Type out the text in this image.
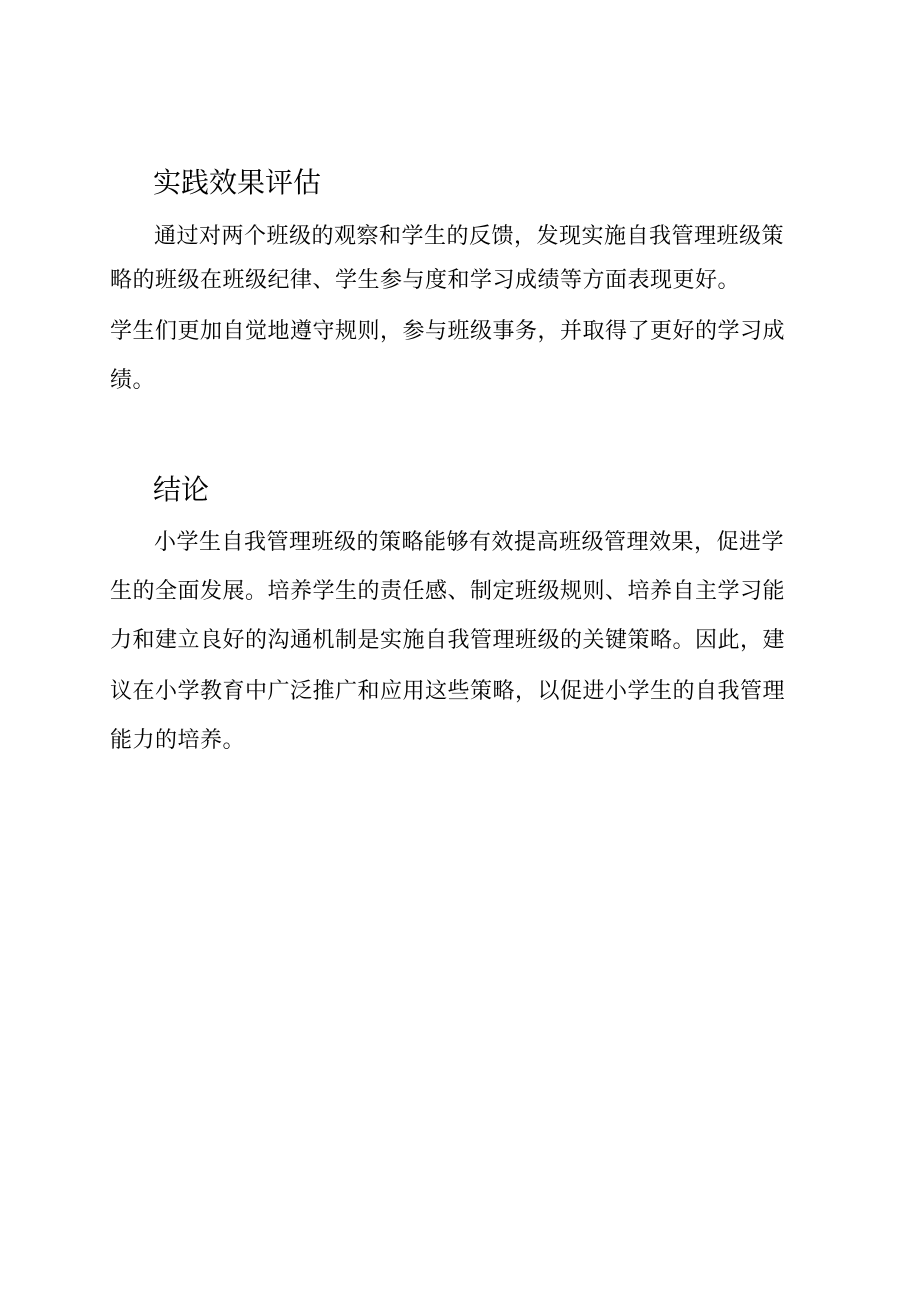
实践效果评估

通过对两个班级的观察和学生的反馈，发现实施自我管理班级策

略的班级在班级纪律、学生参与度和学习成绩等方面表现更好。

学生们更加自觉地遵守规则，参与班级事务，并取得了更好的学习成

绩。

结论

小学生自我管理班级的策略能够有效提高班级管理效果，促进学

生的全面发展。培养学生的责任感、制定班级规则、培养自主学习能

力和建立良好的沟通机制是实施自我管理班级的关键策略。因此，建

议在小学教育中广泛推广和应用这些策略，以促进小学生的自我管理

能力的培养。
